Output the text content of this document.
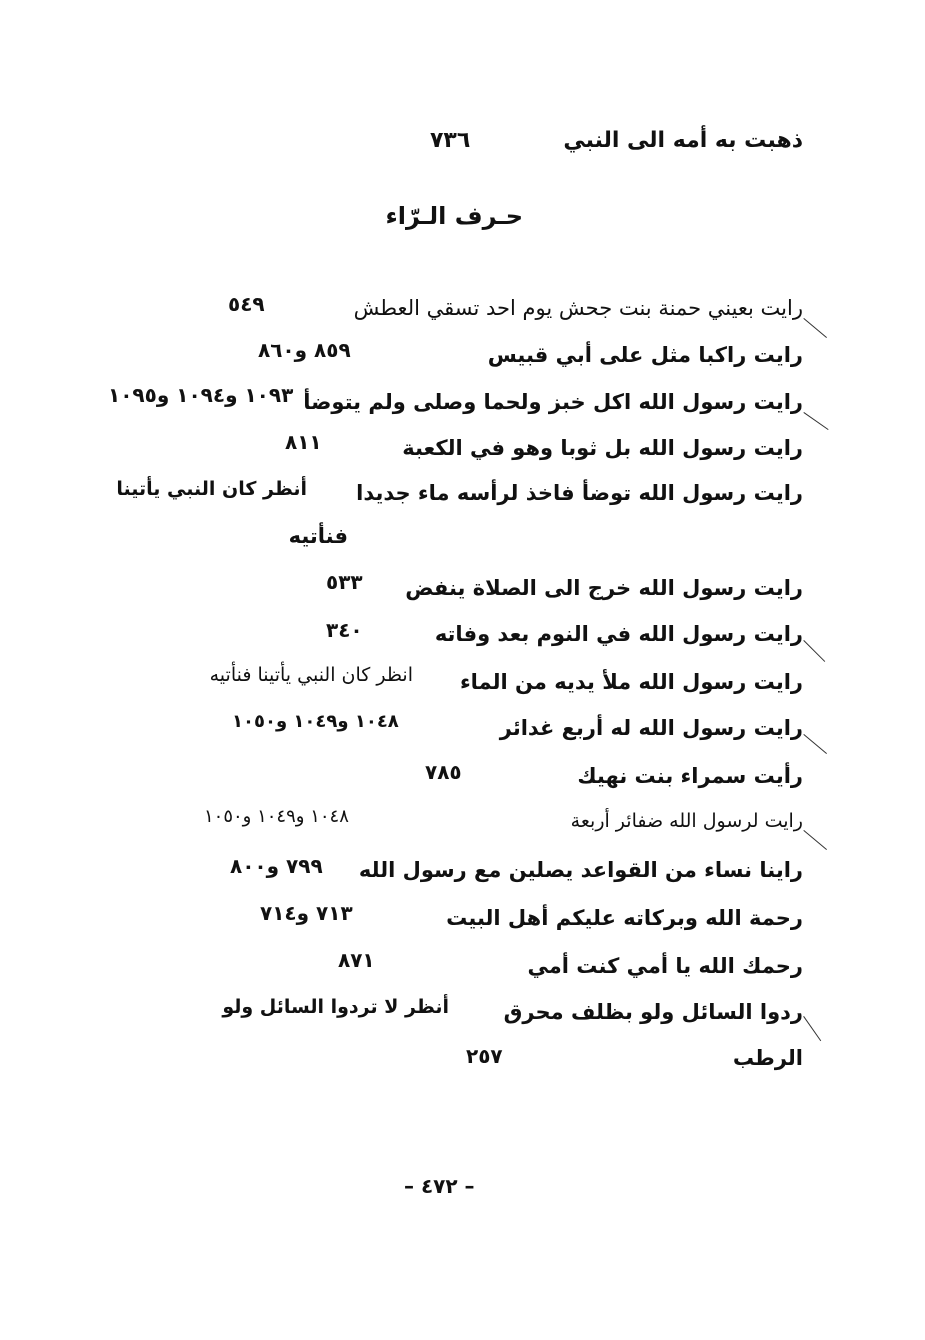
ذهبت به أمه الى النبي
٧٣٦
حـرف الـرّاء
رايت بعيني حمنة بنت جحش يوم احد تسقي العطش
٥٤٩
رايت راكبا مثل على أبي قبيس
٨٥٩ و٨٦٠
رايت رسول الله اكل خبز ولحما وصلى ولم يتوضأ
١٠٩٣ و١٠٩٤ و١٠٩٥
رايت رسول الله بل ثوبا وهو في الكعبة
٨١١
رايت رسول الله توضأ فاخذ لرأسه ماء جديدا
أنظر كان النبي يأتينا
فنأتيه
رايت رسول الله خرج الى الصلاة ينفض
٥٣٣
رايت رسول الله في النوم بعد وفاته
٣٤٠
رايت رسول الله ملأ يديه من الماء
انظر كان النبي يأتينا فنأتيه
رايت رسول الله له أربع غدائر
١٠٤٨ و١٠٤٩ و١٠٥٠
رأيت سمراء بنت نهيك
٧٨٥
رايت لرسول الله ضفائر أربعة
١٠٤٨ و١٠٤٩ و١٠٥٠
راينا نساء من القواعد يصلين مع رسول الله
٧٩٩ و٨٠٠
رحمة الله وبركاته عليكم أهل البيت
٧١٣ و٧١٤
رحمك الله يا أمي كنت أمي
٨٧١
ردوا السائل ولو بظلف محرق
أنظر لا تردوا السائل ولو
الرطب
٢٥٧
– ٤٧٢ –
